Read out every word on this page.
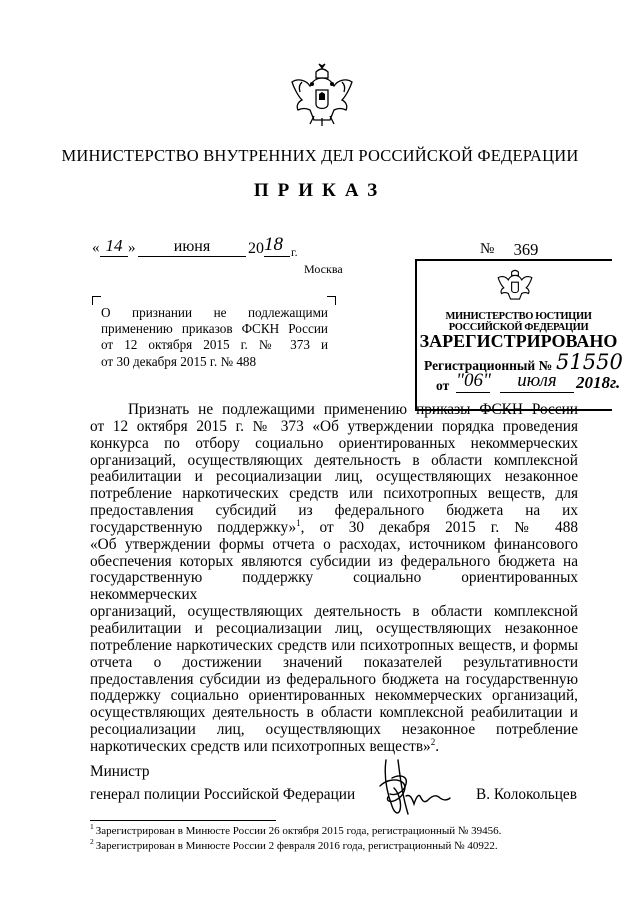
МИНИСТЕРСТВО ВНУТРЕННИХ ДЕЛ РОССИЙСКОЙ ФЕДЕРАЦИИ
ПРИКАЗ
« 14 »	июня	20 18 г.
Москва
№	369
МИНИСТЕРСТВО ЮСТИЦИИ РОССИЙСКОЙ ФЕДЕРАЦИИ
ЗАРЕГИСТРИРОВАНО
Регистрационный № 51550
от "06"	июля	2018г.
О признании не подлежащими
применению приказов ФСКН России
от 12 октября 2015 г. № 373 и
от 30 декабря 2015 г. № 488
Признать не подлежащими применению приказы ФСКН России
от 12 октября 2015 г. № 373 «Об утверждении порядка проведения
конкурса по отбору социально ориентированных некоммерческих
организаций, осуществляющих деятельность в области комплексной
реабилитации и ресоциализации лиц, осуществляющих незаконное
потребление наркотических средств или психотропных веществ, для
предоставления субсидий из федерального бюджета на их
государственную поддержку»$^1$, от 30 декабря 2015 г. № 488
«Об утверждении формы отчета о расходах, источником финансового
обеспечения которых являются субсидии из федерального бюджета на
государственную поддержку социально ориентированных некоммерческих
организаций, осуществляющих деятельность в области комплексной
реабилитации и ресоциализации лиц, осуществляющих незаконное
потребление наркотических средств или психотропных веществ, и формы
отчета о достижении значений показателей результативности
предоставления субсидии из федерального бюджета на государственную
поддержку социально ориентированных некоммерческих организаций,
осуществляющих деятельность в области комплексной реабилитации и
ресоциализации лиц, осуществляющих незаконное потребление
наркотических средств или психотропных веществ»$^2$.
Министр
генерал полиции Российской Федерации	В. Колокольцев
$^1$ Зарегистрирован в Минюсте России 26 октября 2015 года, регистрационный № 39456.
$^2$ Зарегистрирован в Минюсте России 2 февраля 2016 года, регистрационный № 40922.
